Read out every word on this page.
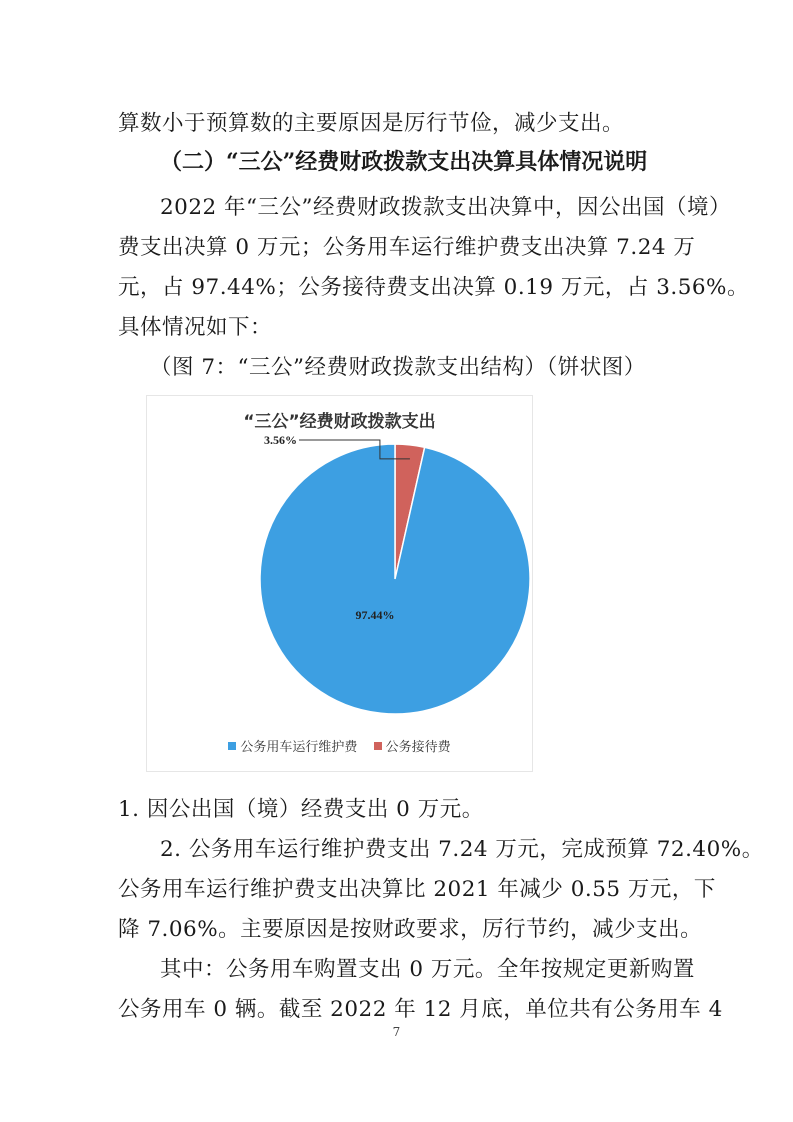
算数小于预算数的主要原因是厉行节俭，减少支出。
（二）“三公”经费财政拨款支出决算具体情况说明
2022 年“三公”经费财政拨款支出决算中，因公出国（境）
费支出决算 0 万元；公务用车运行维护费支出决算 7.24 万
元，占 97.44%；公务接待费支出决算 0.19 万元，占 3.56%。
具体情况如下：
（图 7：“三公”经费财政拨款支出结构）（饼状图）
“三公”经费财政拨款支出
97.44%
3.56%
公务用车运行维护费
公务接待费
1. 因公出国（境）经费支出 0 万元。
2. 公务用车运行维护费支出 7.24 万元，完成预算 72.40%。
公务用车运行维护费支出决算比 2021 年减少 0.55 万元，下
降 7.06%。主要原因是按财政要求，厉行节约，减少支出。
其中：公务用车购置支出 0 万元。全年按规定更新购置
公务用车 0 辆。截至 2022 年 12 月底，单位共有公务用车 4
7
